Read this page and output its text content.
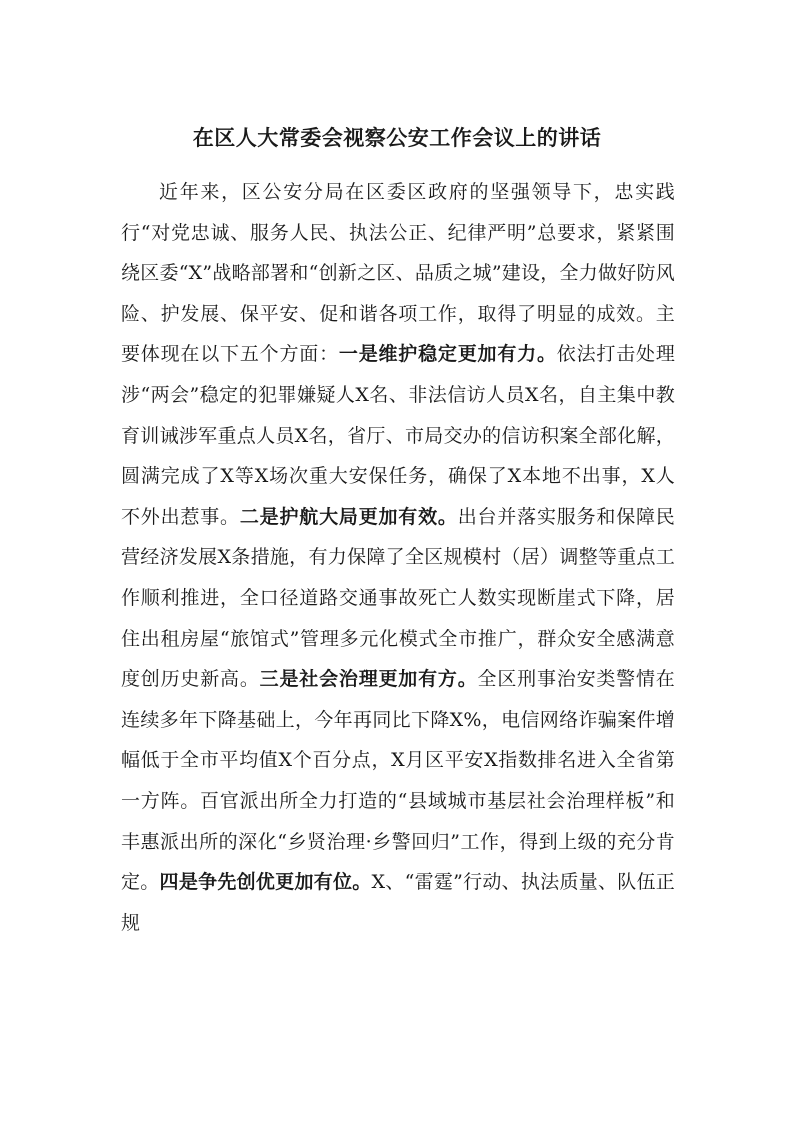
在区人大常委会视察公安工作会议上的讲话

近年来，区公安分局在区委区政府的坚强领导下，忠实践行“对党忠诚、服务人民、执法公正、纪律严明”总要求，紧紧围绕区委“X”战略部署和“创新之区、品质之城”建设，全力做好防风险、护发展、保平安、促和谐各项工作，取得了明显的成效。主要体现在以下五个方面：一是维护稳定更加有力。依法打击处理涉“两会”稳定的犯罪嫌疑人X名、非法信访人员X名，自主集中教育训诫涉军重点人员X名，省厅、市局交办的信访积案全部化解，圆满完成了X等X场次重大安保任务，确保了X本地不出事，X人不外出惹事。二是护航大局更加有效。出台并落实服务和保障民营经济发展X条措施，有力保障了全区规模村（居）调整等重点工作顺利推进，全口径道路交通事故死亡人数实现断崖式下降，居住出租房屋“旅馆式”管理多元化模式全市推广，群众安全感满意度创历史新高。三是社会治理更加有方。全区刑事治安类警情在连续多年下降基础上，今年再同比下降X%，电信网络诈骗案件增幅低于全市平均值X个百分点，X月区平安X指数排名进入全省第一方阵。百官派出所全力打造的“县域城市基层社会治理样板”和丰惠派出所的深化“乡贤治理·乡警回归”工作，得到上级的充分肯定。四是争先创优更加有位。X、“雷霆”行动、执法质量、队伍正规
